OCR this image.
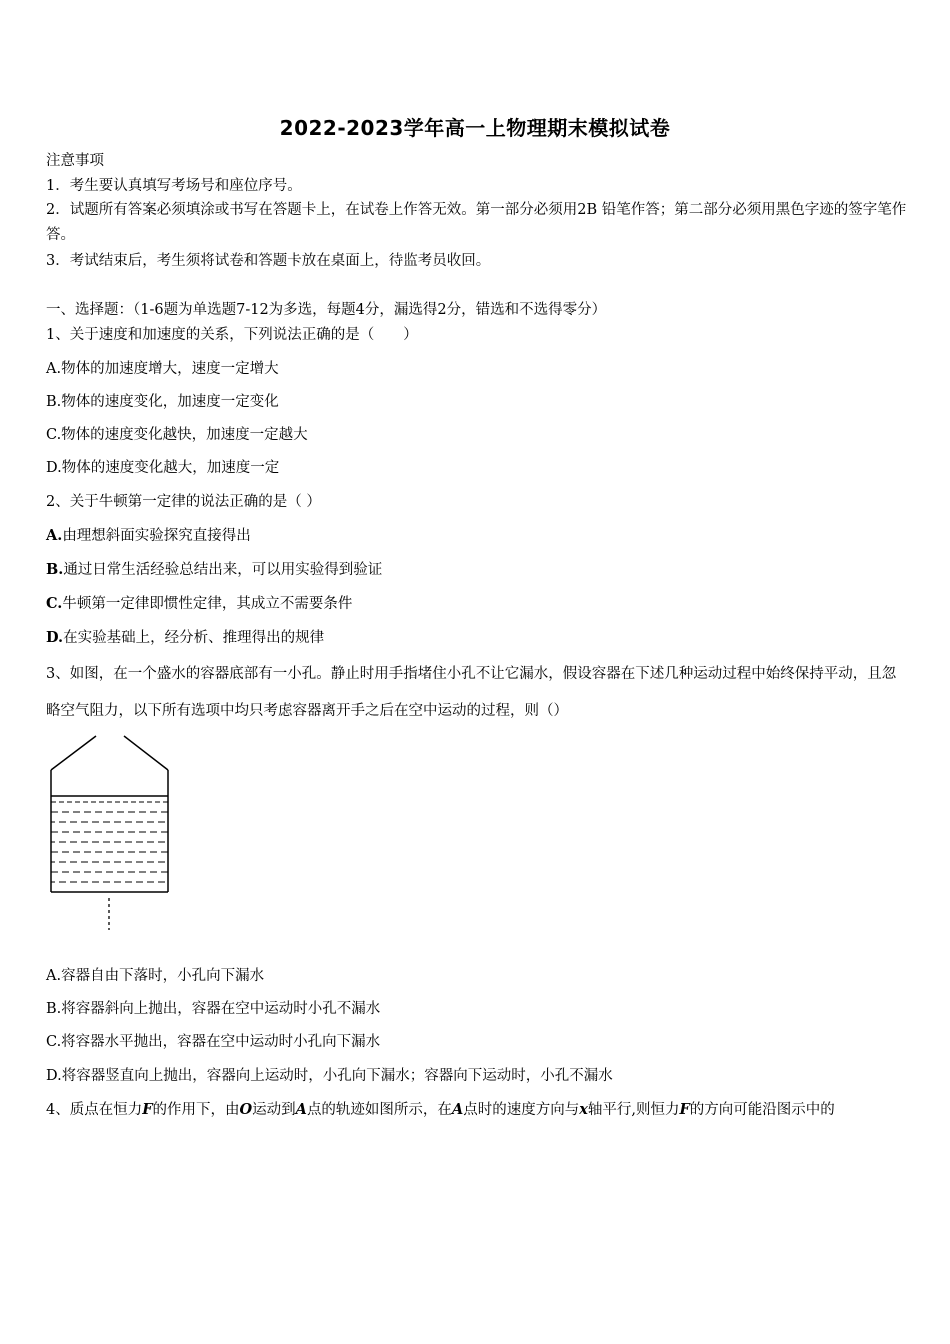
2022-2023学年高一上物理期末模拟试卷
注意事项
1．考生要认真填写考场号和座位序号。
2．试题所有答案必须填涂或书写在答题卡上，在试卷上作答无效。第一部分必须用2B 铅笔作答；第二部分必须用黑色字迹的签字笔作答。
3．考试结束后，考生须将试卷和答题卡放在桌面上，待监考员收回。
一、选择题：（1-6题为单选题7-12为多选，每题4分，漏选得2分，错选和不选得零分）
1、关于速度和加速度的关系，下列说法正确的是（　　）
A.物体的加速度增大，速度一定增大
B.物体的速度变化，加速度一定变化
C.物体的速度变化越快，加速度一定越大
D.物体的速度变化越大，加速度一定
2、关于牛顿第一定律的说法正确的是（ ）
A.由理想斜面实验探究直接得出
B.通过日常生活经验总结出来，可以用实验得到验证
C.牛顿第一定律即惯性定律，其成立不需要条件
D.在实验基础上，经分析、推理得出的规律
3、如图，在一个盛水的容器底部有一小孔。静止时用手指堵住小孔不让它漏水，假设容器在下述几种运动过程中始终保持平动，且忽略空气阻力，以下所有选项中均只考虑容器离开手之后在空中运动的过程，则（）
A.容器自由下落时，小孔向下漏水
B.将容器斜向上抛出，容器在空中运动时小孔不漏水
C.将容器水平抛出，容器在空中运动时小孔向下漏水
D.将容器竖直向上抛出，容器向上运动时，小孔向下漏水；容器向下运动时，小孔不漏水
4、质点在恒力F的作用下，由O运动到A点的轨迹如图所示，在A点时的速度方向与x轴平行,则恒力F的方向可能沿图示中的
